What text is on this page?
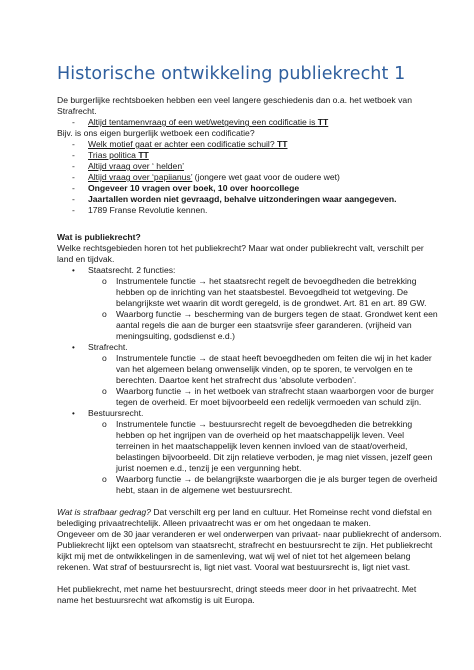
Historische ontwikkeling publiekrecht 1
De burgerlijke rechtsboeken hebben een veel langere geschiedenis dan o.a. het wetboek van
Strafrecht.
- Altijd tentamenvraag of een wet/wetgeving een codificatie is TT
Bijv. is ons eigen burgerlijk wetboek een codificatie?
- Welk motief gaat er achter een codificatie schuil? TT
- Trias politica TT
- Altijd vraag over ‘ helden’
- Altijd vraag over ‘papiianus’ (jongere wet gaat voor de oudere wet)
- Ongeveer 10 vragen over boek, 10 over hoorcollege
- Jaartallen worden niet gevraagd, behalve uitzonderingen waar aangegeven.
- 1789 Franse Revolutie kennen.
Wat is publiekrecht?
Welke rechtsgebieden horen tot het publiekrecht? Maar wat onder publiekrecht valt, verschilt per
land en tijdvak.
• Staatsrecht. 2 functies:
o Instrumentele functie → het staatsrecht regelt de bevoegdheden die betrekking
hebben op de inrichting van het staatsbestel. Bevoegdheid tot wetgeving. De
belangrijkste wet waarin dit wordt geregeld, is de grondwet. Art. 81 en art. 89 GW.
o Waarborg functie → bescherming van de burgers tegen de staat. Grondwet kent een
aantal regels die aan de burger een staatsvrije sfeer garanderen. (vrijheid van
meningsuiting, godsdienst e.d.)
• Strafrecht.
o Instrumentele functie → de staat heeft bevoegdheden om feiten die wij in het kader
van het algemeen belang onwenselijk vinden, op te sporen, te vervolgen en te
berechten. Daartoe kent het strafrecht dus ‘absolute verboden’.
o Waarborg functie → in het wetboek van strafrecht staan waarborgen voor de burger
tegen de overheid. Er moet bijvoorbeeld een redelijk vermoeden van schuld zijn.
• Bestuursrecht.
o Instrumentele functie → bestuursrecht regelt de bevoegdheden die betrekking
hebben op het ingrijpen van de overheid op het maatschappelijk leven. Veel
terreinen in het maatschappelijk leven kennen invloed van de staat/overheid,
belastingen bijvoorbeeld. Dit zijn relatieve verboden, je mag niet vissen, jezelf geen
jurist noemen e.d., tenzij je een vergunning hebt.
o Waarborg functie → de belangrijkste waarborgen die je als burger tegen de overheid
hebt, staan in de algemene wet bestuursrecht.
Wat is strafbaar gedrag? Dat verschilt erg per land en cultuur. Het Romeinse recht vond diefstal en
belediging privaatrechtelijk. Alleen privaatrecht was er om het ongedaan te maken.
Ongeveer om de 30 jaar veranderen er wel onderwerpen van privaat- naar publiekrecht of andersom.
Publiekrecht lijkt een optelsom van staatsrecht, strafrecht en bestuursrecht te zijn. Het publiekrecht
kijkt mij met de ontwikkelingen in de samenleving, wat wij wel of niet tot het algemeen belang
rekenen. Wat straf of bestuursrecht is, ligt niet vast. Vooral wat bestuursrecht is, ligt niet vast.
Het publiekrecht, met name het bestuursrecht, dringt steeds meer door in het privaatrecht. Met
name het bestuursrecht wat afkomstig is uit Europa.
